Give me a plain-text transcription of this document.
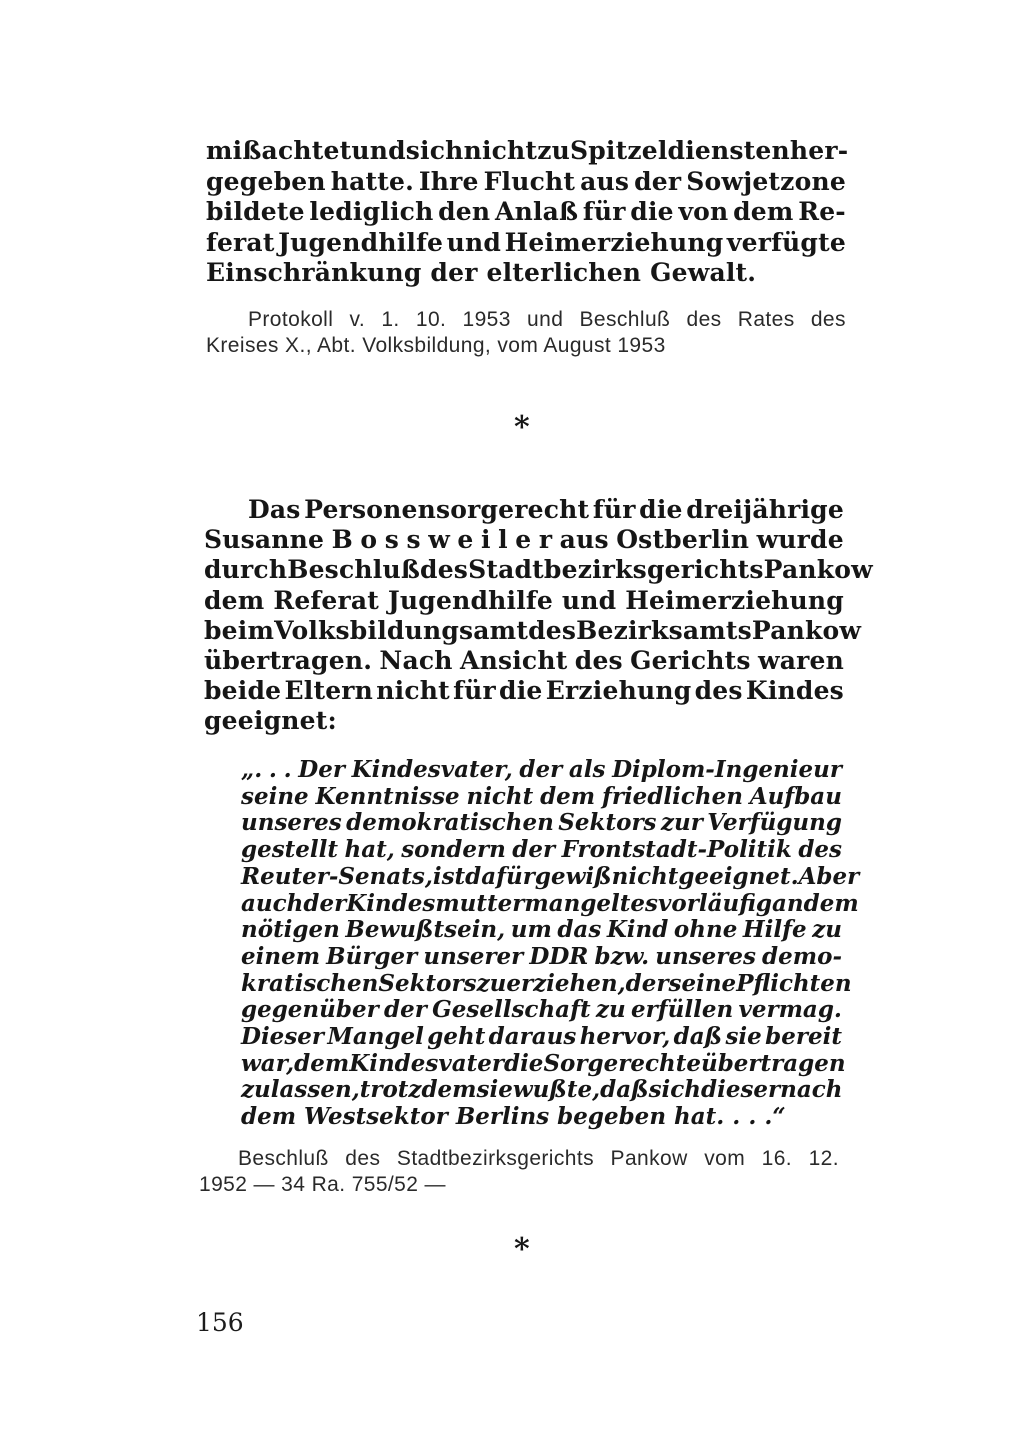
mißachtet und sich nicht zu Spitzeldiensten her-
gegeben hatte. Ihre Flucht aus der Sowjetzone
bildete lediglich den Anlaß für die von dem Re-
ferat Jugendhilfe und Heimerziehung verfügte
Einschränkung der elterlichen Gewalt.
Protokoll v. 1. 10. 1953 und Beschluß des Rates des
Kreises X., Abt. Volksbildung, vom August 1953
*
Das Personensorgerecht für die dreijährige
Susanne B o s s w e i l e r aus Ostberlin wurde
durch Beschluß des Stadtbezirksgerichts Pankow
dem Referat Jugendhilfe und Heimerziehung
beim Volksbildungsamt des Bezirksamts Pankow
übertragen. Nach Ansicht des Gerichts waren
beide Eltern nicht für die Erziehung des Kindes
geeignet:
„. . . Der Kindesvater, der als Diplom-Ingenieur
seine Kenntnisse nicht dem friedlichen Aufbau
unseres demokratischen Sektors zur Verfügung
gestellt hat, sondern der Frontstadt-Politik des
Reuter-Senats, ist dafür gewiß nicht geeignet. Aber
auch der Kindesmutter mangelt es vorläufig an dem
nötigen Bewußtsein, um das Kind ohne Hilfe zu
einem Bürger unserer DDR bzw. unseres demo-
kratischen Sektors zu erziehen, der seine Pflichten
gegenüber der Gesellschaft zu erfüllen vermag.
Dieser Mangel geht daraus hervor, daß sie bereit
war, dem Kindesvater die Sorgerechte übertragen
zu lassen, trotzdem sie wußte, daß sich dieser nach
dem Westsektor Berlins begeben hat. . . .“
Beschluß des Stadtbezirksgerichts Pankow vom 16. 12.
1952 — 34 Ra. 755/52 —
*
156
